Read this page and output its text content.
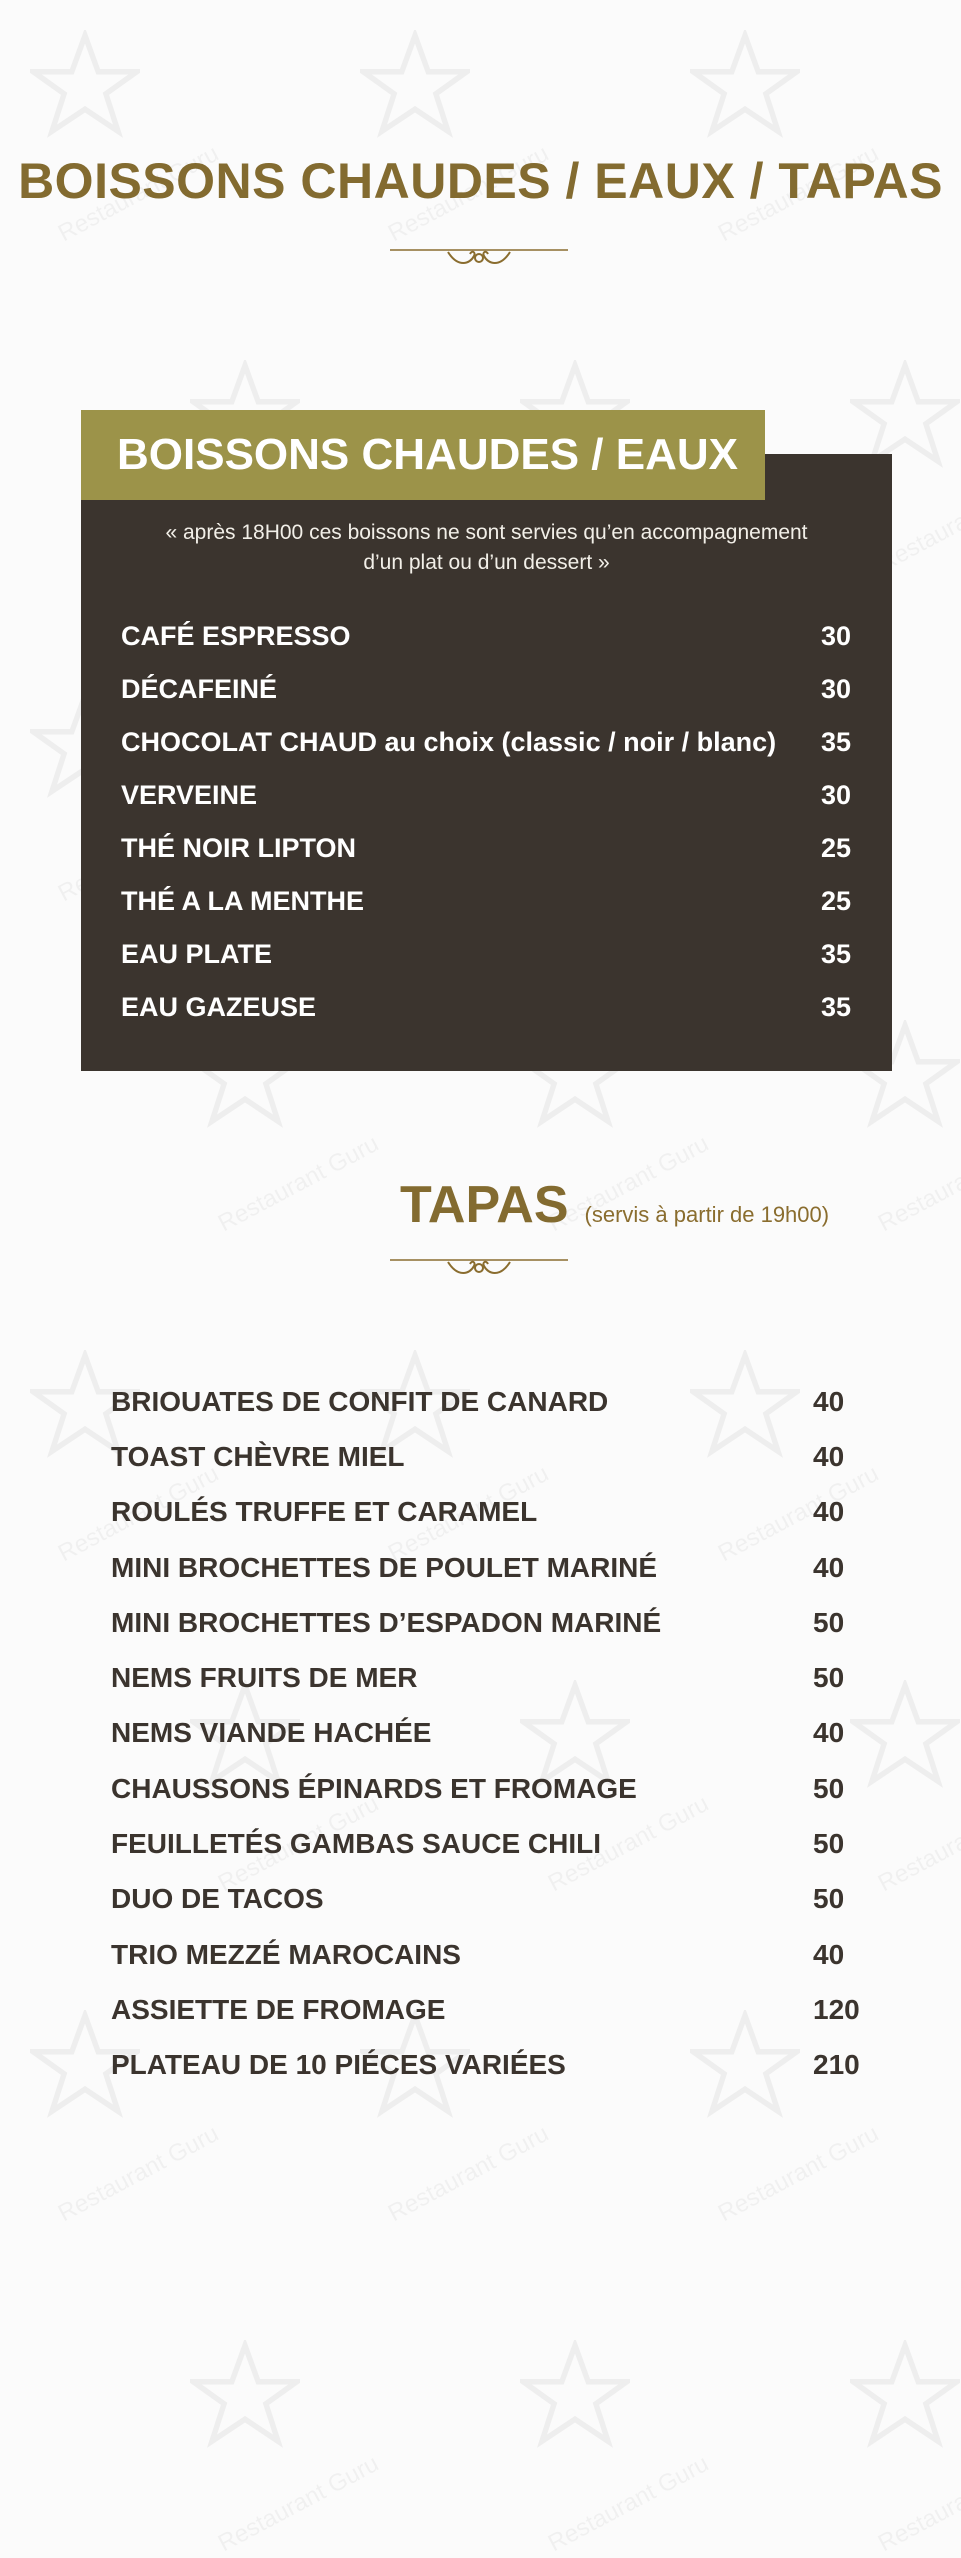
BOISSONS CHAUDES / EAUX / TAPAS
BOISSONS CHAUDES / EAUX
« après 18H00 ces boissons ne sont servies qu’en accompagnement
d’un plat ou d’un dessert »
CAFÉ ESPRESSO	30
DÉCAFEINÉ	30
CHOCOLAT CHAUD au choix (classic / noir / blanc)	35
VERVEINE	30
THÉ NOIR LIPTON	25
THÉ A LA MENTHE	25
EAU PLATE	35
EAU GAZEUSE	35
TAPAS (servis à partir de 19h00)
BRIOUATES DE CONFIT DE CANARD	40
TOAST CHÈVRE MIEL	40
ROULÉS TRUFFE ET CARAMEL	40
MINI BROCHETTES DE POULET MARINÉ	40
MINI BROCHETTES D’ESPADON MARINÉ	50
NEMS FRUITS DE MER	50
NEMS VIANDE HACHÉE	40
CHAUSSONS ÉPINARDS ET FROMAGE	50
FEUILLETÉS GAMBAS SAUCE CHILI	50
DUO DE TACOS	50
TRIO MEZZÉ MAROCAINS	40
ASSIETTE DE FROMAGE	120
PLATEAU DE 10 PIÉCES VARIÉES	210
